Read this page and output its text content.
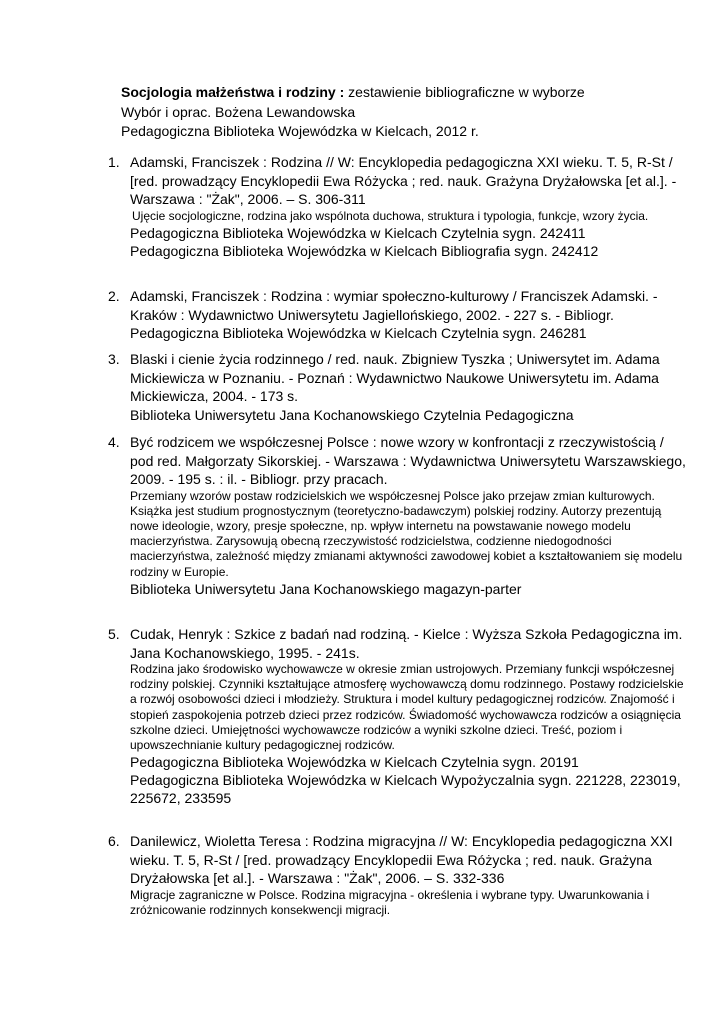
Socjologia małżeństwa i rodziny : zestawienie bibliograficzne w wyborze
Wybór i oprac. Bożena Lewandowska
Pedagogiczna Biblioteka Wojewódzka w Kielcach, 2012 r.
1. Adamski, Franciszek : Rodzina // W: Encyklopedia pedagogiczna XXI wieku. T. 5, R-St / [red. prowadzący Encyklopedii Ewa Różycka ; red. nauk. Grażyna Dryżałowska [et al.]. - Warszawa : "Żak", 2006. – S. 306-311
Ujęcie socjologiczne, rodzina jako wspólnota duchowa, struktura i typologia, funkcje, wzory życia.
Pedagogiczna Biblioteka Wojewódzka w Kielcach Czytelnia sygn. 242411
Pedagogiczna Biblioteka Wojewódzka w Kielcach Bibliografia sygn. 242412
2. Adamski, Franciszek : Rodzina : wymiar społeczno-kulturowy / Franciszek Adamski. - Kraków : Wydawnictwo Uniwersytetu Jagiellońskiego, 2002. - 227 s. - Bibliogr.
Pedagogiczna Biblioteka Wojewódzka w Kielcach Czytelnia sygn. 246281
3. Blaski i cienie życia rodzinnego / red. nauk. Zbigniew Tyszka ; Uniwersytet im. Adama Mickiewicza w Poznaniu. - Poznań : Wydawnictwo Naukowe Uniwersytetu im. Adama Mickiewicza, 2004. - 173 s.
Biblioteka Uniwersytetu Jana Kochanowskiego Czytelnia Pedagogiczna
4. Być rodzicem we współczesnej Polsce : nowe wzory w konfrontacji z rzeczywistością / pod red. Małgorzaty Sikorskiej. - Warszawa : Wydawnictwa Uniwersytetu Warszawskiego, 2009. - 195 s. : il. - Bibliogr. przy pracach.
Przemiany wzorów postaw rodzicielskich we współczesnej Polsce jako przejaw zmian kulturowych. Książka jest studium prognostycznym (teoretyczno-badawczym) polskiej rodziny. Autorzy prezentują nowe ideologie, wzory, presje społeczne, np. wpływ internetu na powstawanie nowego modelu macierzyństwa. Zarysowują obecną rzeczywistość rodzicielstwa, codzienne niedogodności macierzyństwa, zależność między zmianami aktywności zawodowej kobiet a kształtowaniem się modelu rodziny w Europie.
Biblioteka Uniwersytetu Jana Kochanowskiego magazyn-parter
5. Cudak, Henryk : Szkice z badań nad rodziną. - Kielce : Wyższa Szkoła Pedagogiczna im. Jana Kochanowskiego, 1995. - 241s.
Rodzina jako środowisko wychowawcze w okresie zmian ustrojowych. Przemiany funkcji współczesnej rodziny polskiej. Czynniki kształtujące atmosferę wychowawczą domu rodzinnego. Postawy rodzicielskie a rozwój osobowości dzieci i młodzieży. Struktura i model kultury pedagogicznej rodziców. Znajomość i stopień zaspokojenia potrzeb dzieci przez rodziców. Świadomość wychowawcza rodziców a osiągnięcia szkolne dzieci. Umiejętności wychowawcze rodziców a wyniki szkolne dzieci. Treść, poziom i upowszechnianie kultury pedagogicznej rodziców.
Pedagogiczna Biblioteka Wojewódzka w Kielcach Czytelnia sygn. 20191
Pedagogiczna Biblioteka Wojewódzka w Kielcach Wypożyczalnia sygn. 221228, 223019, 225672, 233595
6. Danilewicz, Wioletta Teresa : Rodzina migracyjna // W: Encyklopedia pedagogiczna XXI wieku. T. 5, R-St / [red. prowadzący Encyklopedii Ewa Różycka ; red. nauk. Grażyna Dryżałowska [et al.]. - Warszawa : "Żak", 2006. – S. 332-336
Migracje zagraniczne w Polsce. Rodzina migracyjna - określenia i wybrane typy. Uwarunkowania i zróżnicowanie rodzinnych konsekwencji migracji.
